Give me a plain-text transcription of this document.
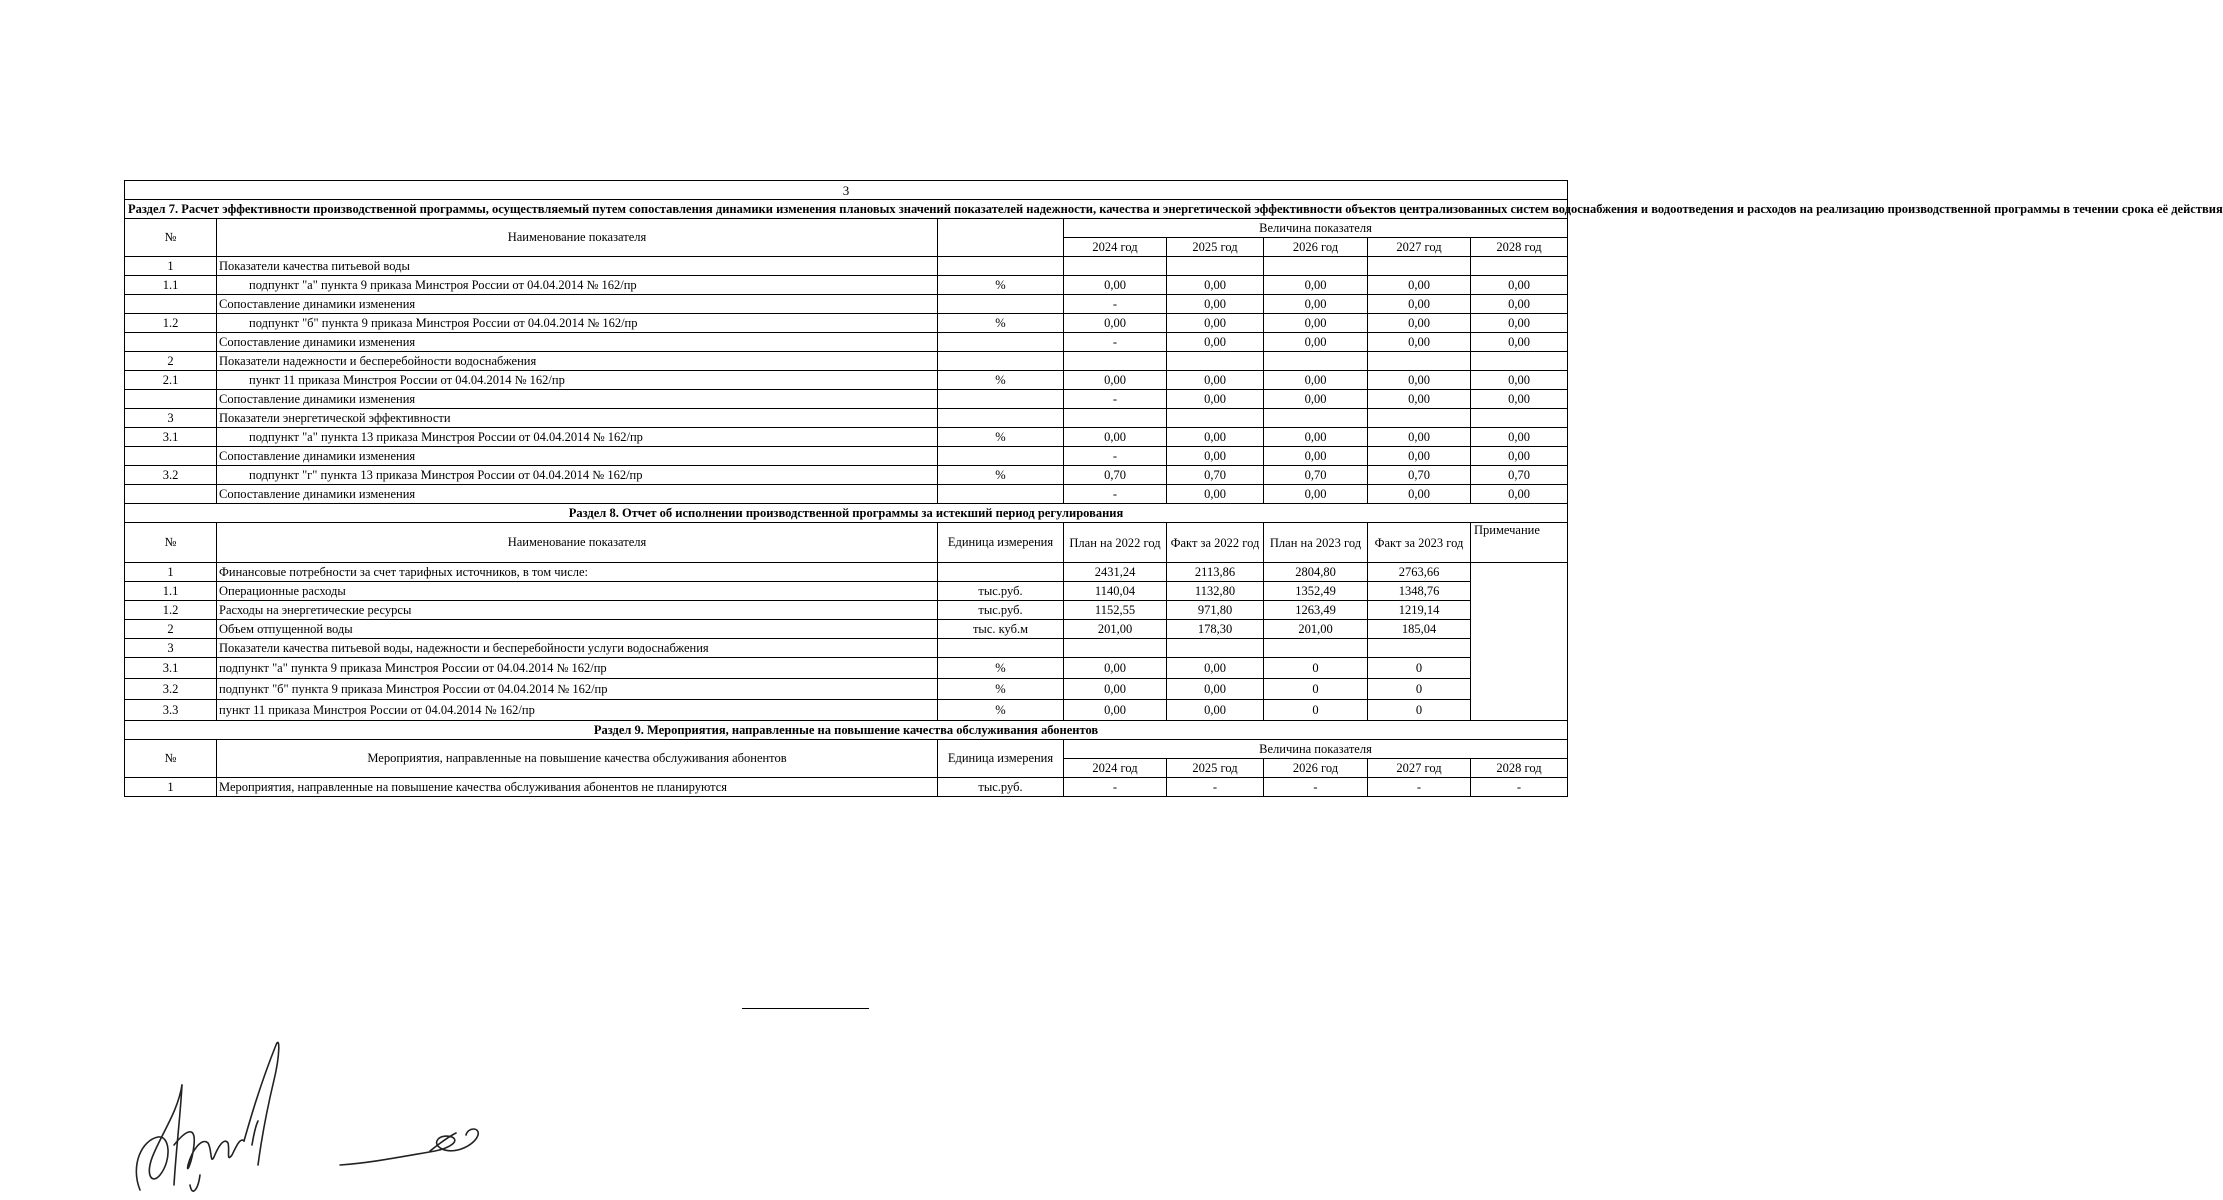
3							
Раздел 7. Расчет эффективности производственной программы, осуществляемый путем сопоставления динамики изменения плановых значений показателей надежности, качества и энергетической эффективности объектов централизованных систем водоснабжения и водоотведения и расходов на реализацию производственной программы в течении срока её действия							
№	Наименование показателя		Величина показателя				
			2024 год	2025 год	2026 год	2027 год	2028 год
1	Показатели качества питьевой воды						
1.1	подпункт "а" пункта 9 приказа Минстроя России от 04.04.2014 № 162/пр	%	0,00	0,00	0,00	0,00	0,00
	Сопоставление динамики изменения		-	0,00	0,00	0,00	0,00
1.2	подпункт "б" пункта 9 приказа Минстроя России от 04.04.2014 № 162/пр	%	0,00	0,00	0,00	0,00	0,00
	Сопоставление динамики изменения		-	0,00	0,00	0,00	0,00
2	Показатели надежности и бесперебойности водоснабжения						
2.1	пункт 11 приказа Минстроя России от 04.04.2014 № 162/пр	%	0,00	0,00	0,00	0,00	0,00
	Сопоставление динамики изменения		-	0,00	0,00	0,00	0,00
3	Показатели энергетической эффективности						
3.1	подпункт "а" пункта 13 приказа Минстроя России от 04.04.2014 № 162/пр	%	0,00	0,00	0,00	0,00	0,00
	Сопоставление динамики изменения		-	0,00	0,00	0,00	0,00
3.2	подпункт "г" пункта 13 приказа Минстроя России от 04.04.2014 № 162/пр	%	0,70	0,70	0,70	0,70	0,70
	Сопоставление динамики изменения		-	0,00	0,00	0,00	0,00
Раздел 8. Отчет об исполнении производственной программы за истекший период регулирования							
№	Наименование показателя	Единица измерения	План на 2022 год	Факт за 2022 год	План на 2023 год	Факт за 2023 год	Примечание
1	Финансовые потребности за счет тарифных источников, в том числе:		2431,24	2113,86	2804,80	2763,66	
1.1	Операционные расходы	тыс.руб.	1140,04	1132,80	1352,49	1348,76	
1.2	Расходы на энергетические ресурсы	тыс.руб.	1152,55	971,80	1263,49	1219,14	
2	Объем отпущенной воды	тыс. куб.м	201,00	178,30	201,00	185,04	
3	Показатели качества питьевой воды, надежности и бесперебойности услуги водоснабжения						
3.1	подпункт "а" пункта 9 приказа Минстроя России от 04.04.2014 № 162/пр	%	0,00	0,00	0	0	
3.2	подпункт "б" пункта 9 приказа Минстроя России от 04.04.2014 № 162/пр	%	0,00	0,00	0	0	
3.3	пункт 11 приказа Минстроя России от 04.04.2014 № 162/пр	%	0,00	0,00	0	0	
Раздел 9. Мероприятия, направленные на повышение качества обслуживания абонентов							
№	Мероприятия, направленные на повышение качества обслуживания абонентов	Единица измерения	Величина показателя				
			2024 год	2025 год	2026 год	2027 год	2028 год
1	Мероприятия, направленные на повышение качества обслуживания абонентов не планируются	тыс.руб.	-	-	-	-	-
